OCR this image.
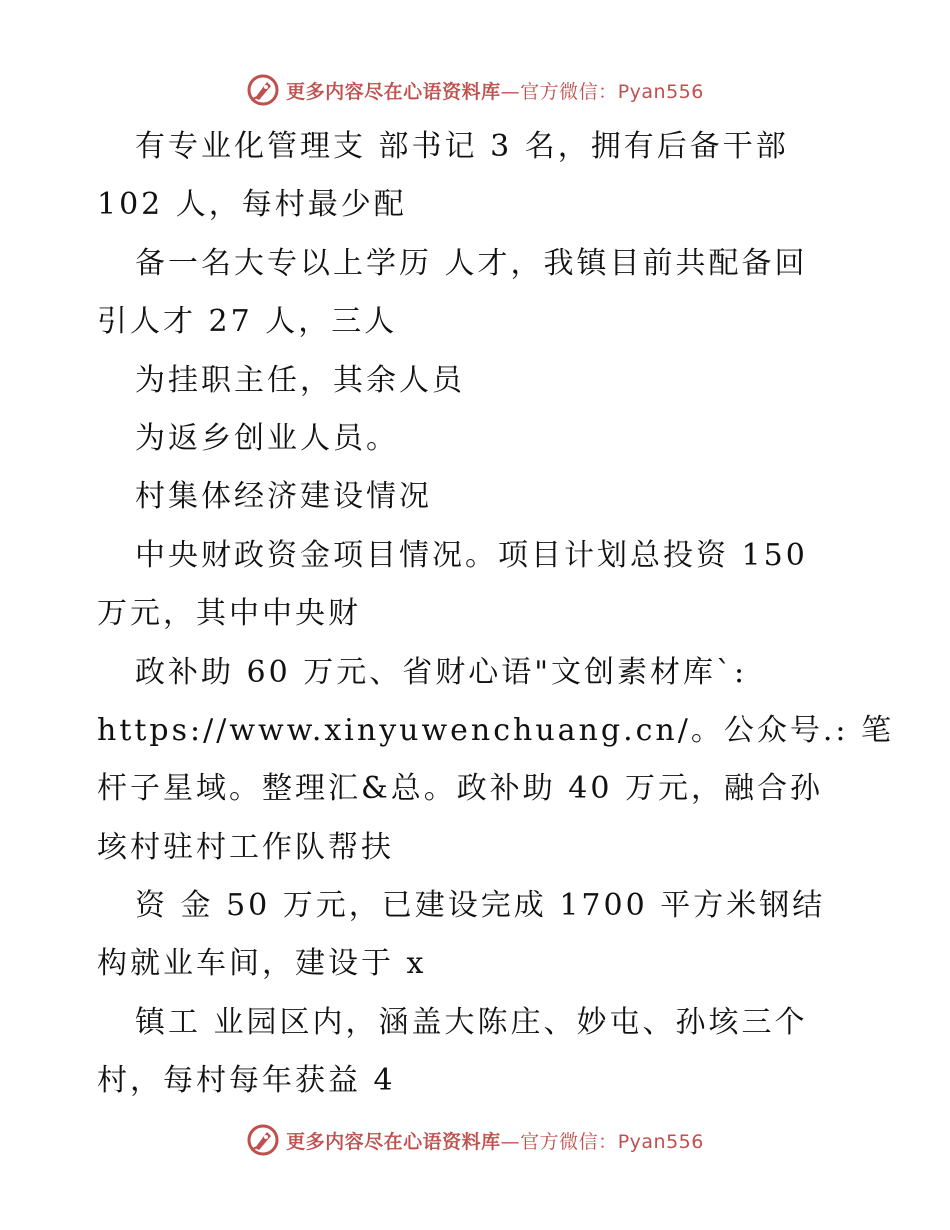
更多内容尽在心语资料库—官方微信：Pyan556
有专业化管理支 部书记 3 名，拥有后备干部
102 人，每村最少配
备一名大专以上学历 人才，我镇目前共配备回
引人才 27 人，三人
为挂职主任，其余人员
为返乡创业人员。
村集体经济建设情况
中央财政资金项目情况。项目计划总投资 150
万元，其中中央财
政补助 60 万元、省财心语"文创素材库`:
https://www.xinyuwenchuang.cn/。公众号.: 笔
杆子星域。整理汇&总。政补助 40 万元，融合孙
垓村驻村工作队帮扶
资 金 50 万元，已建设完成 1700 平方米钢结
构就业车间，建设于 x
镇工 业园区内，涵盖大陈庄、妙屯、孙垓三个
村，每村每年获益 4
更多内容尽在心语资料库—官方微信：Pyan556
